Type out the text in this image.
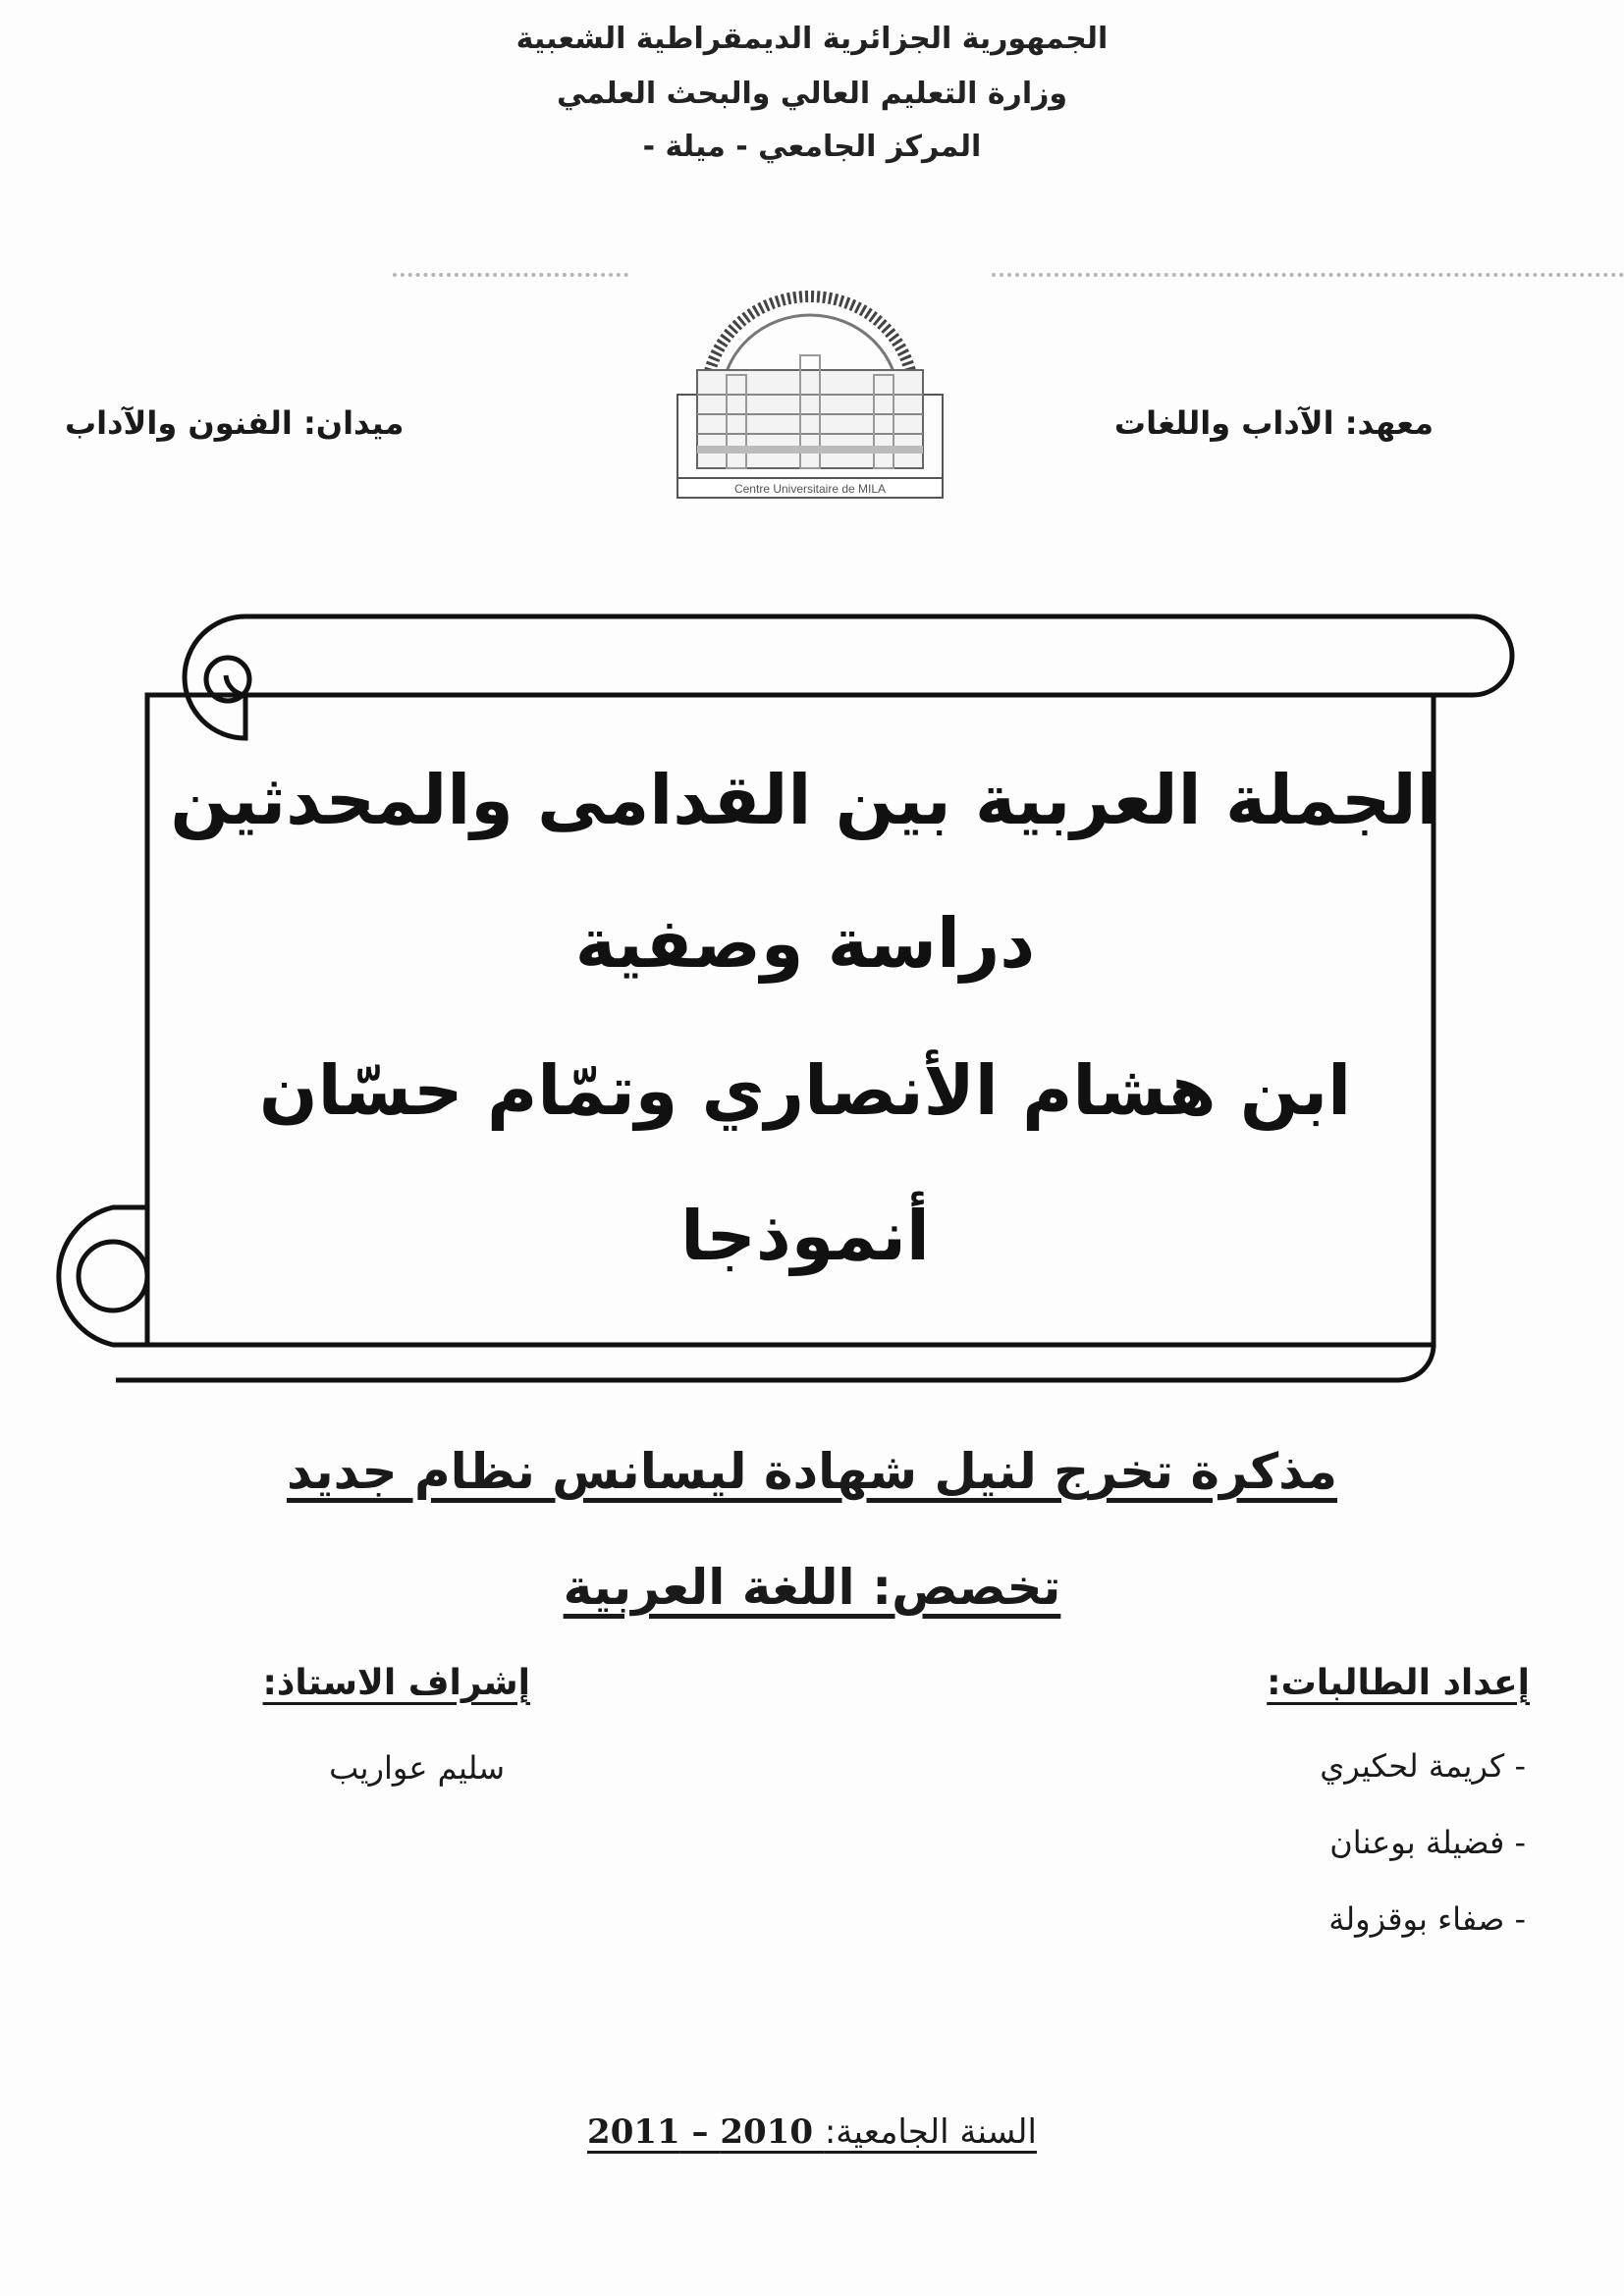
الجمهورية الجزائرية الديمقراطية الشعبية
وزارة التعليم العالي والبحث العلمي
المركز الجامعي - ميلة -
Centre Universitaire de MILA
معهد: الآداب واللغات
ميدان: الفنون والآداب
الجملة العربية بين القدامى والمحدثين
دراسة وصفية
ابن هشام الأنصاري وتمّام حسّان
أنموذجا
مذكرة تخرج لنيل شهادة ليسانس نظام جديد
تخصص: اللغة العربية
إعداد الطالبات:
- كريمة لحكيري
- فضيلة بوعنان
- صفاء بوقزولة
إشراف الاستاذ:
سليم عواريب
السنة الجامعية: 2010 – 2011
